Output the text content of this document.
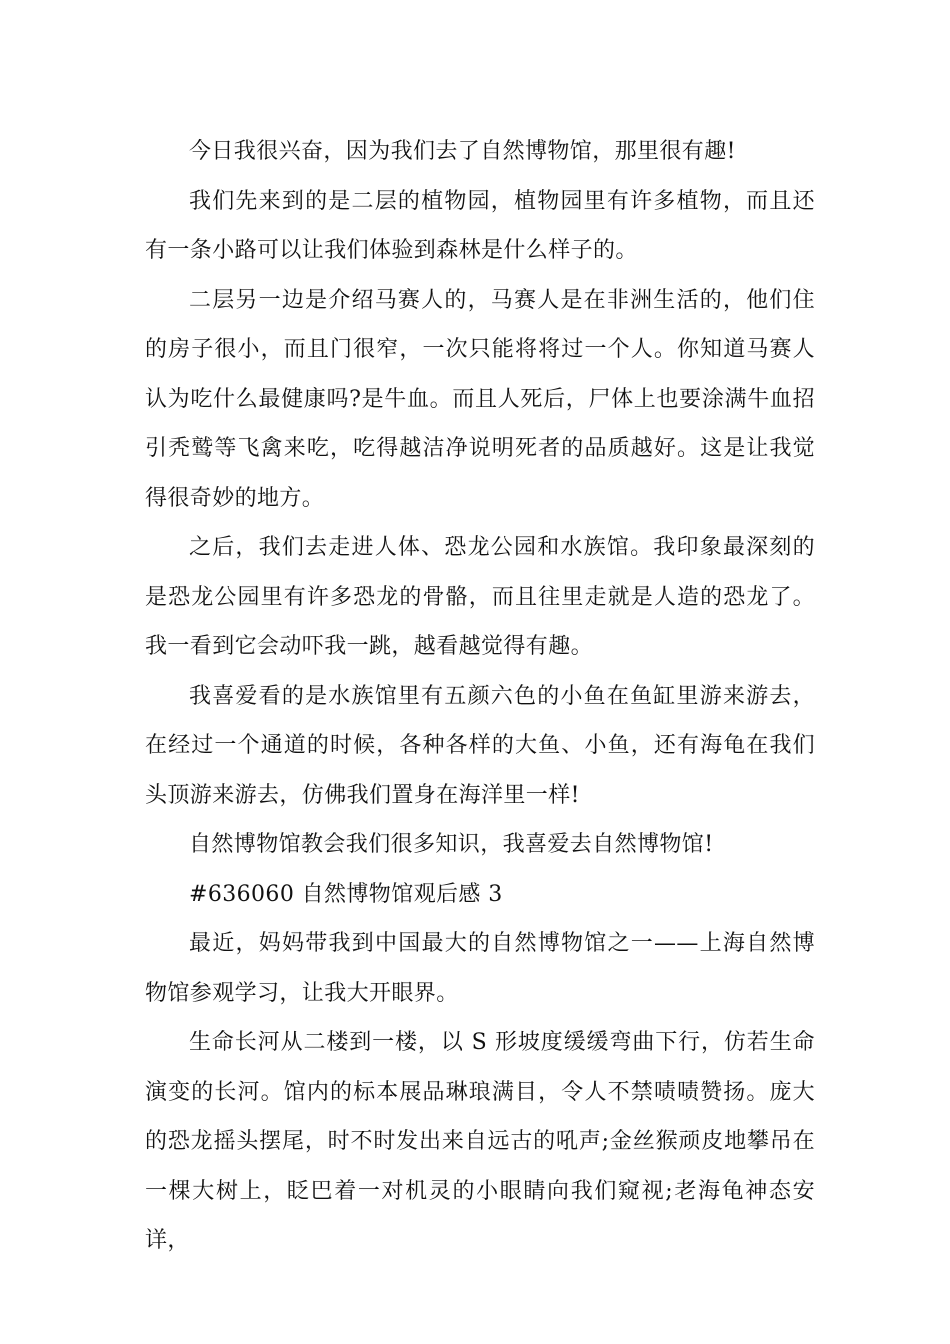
今日我很兴奋，因为我们去了自然博物馆，那里很有趣!

我们先来到的是二层的植物园，植物园里有许多植物，而且还有一条小路可以让我们体验到森林是什么样子的。

二层另一边是介绍马赛人的，马赛人是在非洲生活的，他们住的房子很小，而且门很窄，一次只能将将过一个人。你知道马赛人认为吃什么最健康吗?是牛血。而且人死后，尸体上也要涂满牛血招引秃鹫等飞禽来吃，吃得越洁净说明死者的品质越好。这是让我觉得很奇妙的地方。

之后，我们去走进人体、恐龙公园和水族馆。我印象最深刻的是恐龙公园里有许多恐龙的骨骼，而且往里走就是人造的恐龙了。我一看到它会动吓我一跳，越看越觉得有趣。

我喜爱看的是水族馆里有五颜六色的小鱼在鱼缸里游来游去，在经过一个通道的时候，各种各样的大鱼、小鱼，还有海龟在我们头顶游来游去，仿佛我们置身在海洋里一样!

自然博物馆教会我们很多知识，我喜爱去自然博物馆!

#636060 自然博物馆观后感 3

最近，妈妈带我到中国最大的自然博物馆之一——上海自然博物馆参观学习，让我大开眼界。

生命长河从二楼到一楼，以 S 形坡度缓缓弯曲下行，仿若生命演变的长河。馆内的标本展品琳琅满目，令人不禁啧啧赞扬。庞大的恐龙摇头摆尾，时不时发出来自远古的吼声;金丝猴顽皮地攀吊在一棵大树上，眨巴着一对机灵的小眼睛向我们窥视;老海龟神态安详，
